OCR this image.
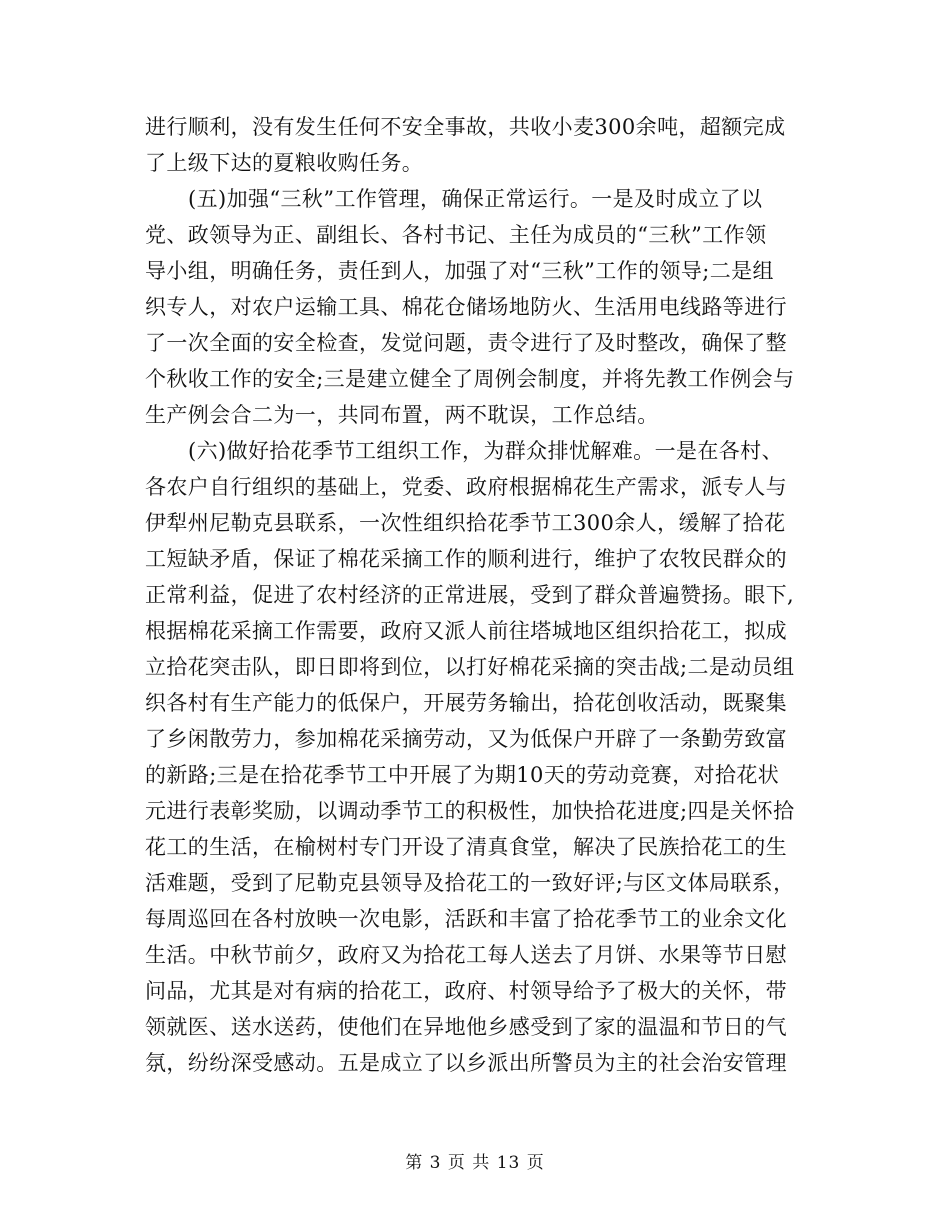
进行顺利，没有发生任何不安全事故，共收小麦300余吨，超额完成
了上级下达的夏粮收购任务。
(五)加强“三秋”工作管理，确保正常运行。一是及时成立了以
党、政领导为正、副组长、各村书记、主任为成员的“三秋”工作领
导小组，明确任务，责任到人，加强了对“三秋”工作的领导;二是组
织专人，对农户运输工具、棉花仓储场地防火、生活用电线路等进行
了一次全面的安全检查，发觉问题，责令进行了及时整改，确保了整
个秋收工作的安全;三是建立健全了周例会制度，并将先教工作例会与
生产例会合二为一，共同布置，两不耽误，工作总结。
(六)做好拾花季节工组织工作，为群众排忧解难。一是在各村、
各农户自行组织的基础上，党委、政府根据棉花生产需求，派专人与
伊犁州尼勒克县联系，一次性组织拾花季节工300余人，缓解了拾花
工短缺矛盾，保证了棉花采摘工作的顺利进行，维护了农牧民群众的
正常利益，促进了农村经济的正常进展，受到了群众普遍赞扬。眼下,
根据棉花采摘工作需要，政府又派人前往塔城地区组织拾花工，拟成
立拾花突击队，即日即将到位，以打好棉花采摘的突击战;二是动员组
织各村有生产能力的低保户，开展劳务输出，拾花创收活动，既聚集
了乡闲散劳力，参加棉花采摘劳动，又为低保户开辟了一条勤劳致富
的新路;三是在拾花季节工中开展了为期10天的劳动竞赛，对拾花状
元进行表彰奖励，以调动季节工的积极性，加快拾花进度;四是关怀拾
花工的生活，在榆树村专门开设了清真食堂，解决了民族拾花工的生
活难题，受到了尼勒克县领导及拾花工的一致好评;与区文体局联系，
每周巡回在各村放映一次电影，活跃和丰富了拾花季节工的业余文化
生活。中秋节前夕，政府又为拾花工每人送去了月饼、水果等节日慰
问品，尤其是对有病的拾花工，政府、村领导给予了极大的关怀，带
领就医、送水送药，使他们在异地他乡感受到了家的温温和节日的气
氛，纷纷深受感动。五是成立了以乡派出所警员为主的社会治安管理
第 3 页 共 13 页
